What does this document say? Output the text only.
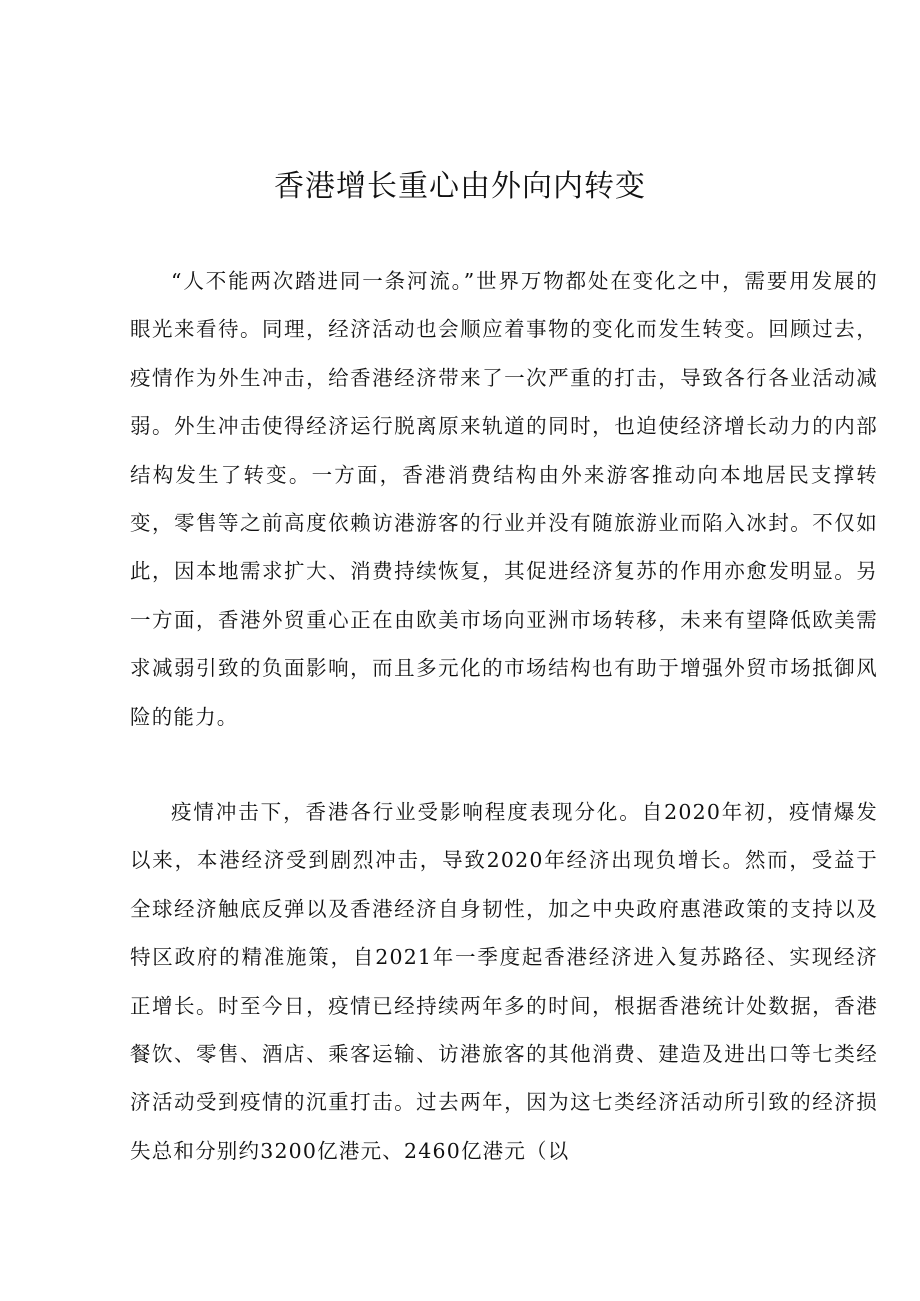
香港增长重心由外向内转变

“人不能两次踏进同一条河流。”世界万物都处在变化之中，需要用发展的眼光来看待。同理，经济活动也会顺应着事物的变化而发生转变。回顾过去，疫情作为外生冲击，给香港经济带来了一次严重的打击，导致各行各业活动减弱。外生冲击使得经济运行脱离原来轨道的同时，也迫使经济增长动力的内部结构发生了转变。一方面，香港消费结构由外来游客推动向本地居民支撑转变，零售等之前高度依赖访港游客的行业并没有随旅游业而陷入冰封。不仅如此，因本地需求扩大、消费持续恢复，其促进经济复苏的作用亦愈发明显。另一方面，香港外贸重心正在由欧美市场向亚洲市场转移，未来有望降低欧美需求减弱引致的负面影响，而且多元化的市场结构也有助于增强外贸市场抵御风险的能力。

疫情冲击下，香港各行业受影响程度表现分化。自2020年初，疫情爆发以来，本港经济受到剧烈冲击，导致2020年经济出现负增长。然而，受益于全球经济触底反弹以及香港经济自身韧性，加之中央政府惠港政策的支持以及特区政府的精准施策，自2021年一季度起香港经济进入复苏路径、实现经济正增长。时至今日，疫情已经持续两年多的时间，根据香港统计处数据，香港餐饮、零售、酒店、乘客运输、访港旅客的其他消费、建造及进出口等七类经济活动受到疫情的沉重打击。过去两年，因为这七类经济活动所引致的经济损失总和分别约3200亿港元、2460亿港元（以
